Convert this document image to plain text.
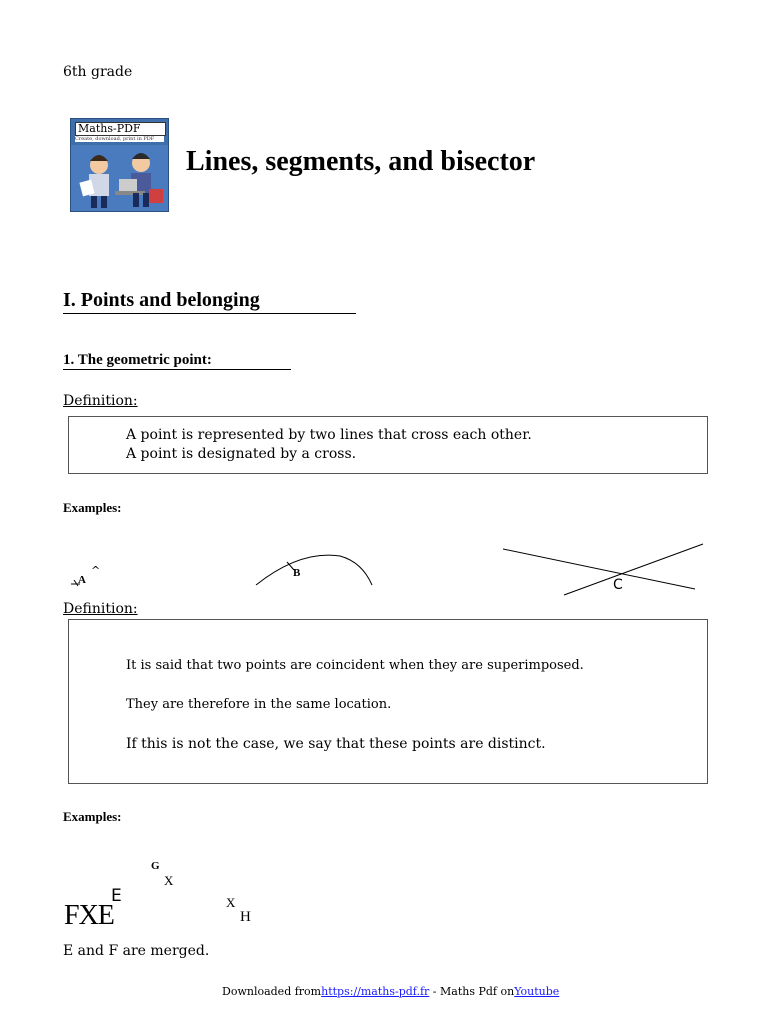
6th grade
Maths-PDF
Create, download, print in PDF
Lines, segments, and bisector
I. Points and belonging
1. The geometric point:
Definition:
A point is represented by two lines that cross each other.
A point is designated by a cross.
Examples:
A
^	B
C
Definition:
It is said that two points are coincident when they are superimposed.
They are therefore in the same location.
If this is not the case, we say that these points are distinct.
Examples:
G
X
E
FXE	X
H
E and F are merged.
Downloaded fromhttps://maths-pdf.fr - Maths Pdf onYoutube
